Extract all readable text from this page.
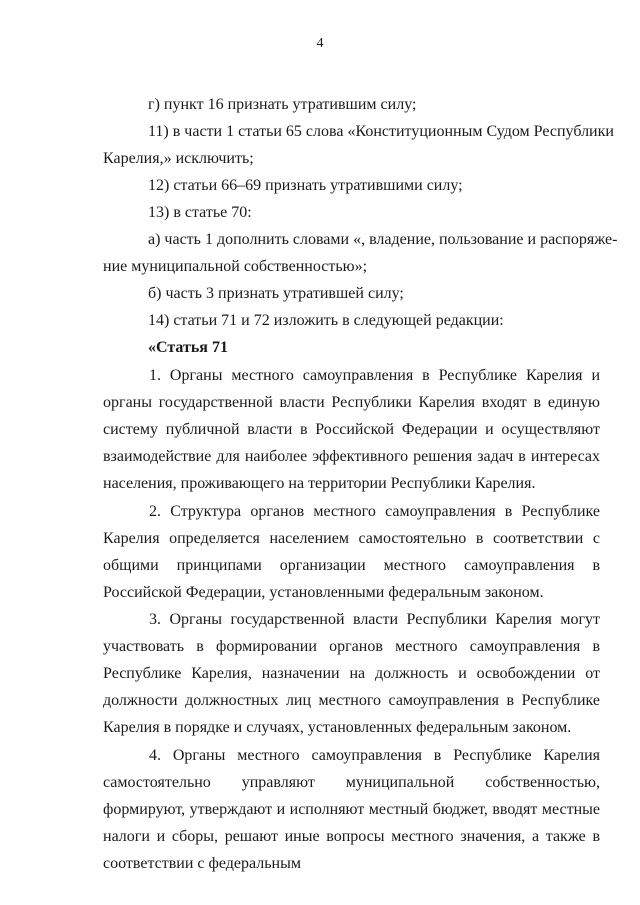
4
г) пункт 16 признать утратившим силу;
11) в части 1 статьи 65 слова «Конституционным Судом Республики
Карелия,» исключить;
12) статьи 66–69 признать утратившими силу;
13) в статье 70:
а) часть 1 дополнить словами «, владение, пользование и распоряже-
ние муниципальной собственностью»;
б) часть 3 признать утратившей силу;
14) статьи 71 и 72 изложить в следующей редакции:
«Статья 71
1. Органы местного самоуправления в Республике Карелия и органы государственной власти Республики Карелия входят в единую систему публичной власти в Российской Федерации и осуществляют взаимодействие для наиболее эффективного решения задач в интересах населения, проживающего на территории Республики Карелия.
2. Структура органов местного самоуправления в Республике Карелия определяется населением самостоятельно в соответствии с общими принципами организации местного самоуправления в Российской Федерации, установленными федеральным законом.
3. Органы государственной власти Республики Карелия могут участвовать в формировании органов местного самоуправления в Республике Карелия, назначении на должность и освобождении от должности должностных лиц местного самоуправления в Республике Карелия в порядке и случаях, установленных федеральным законом.
4. Органы местного самоуправления в Республике Карелия самостоятельно управляют муниципальной собственностью, формируют, утверждают и исполняют местный бюджет, вводят местные налоги и сборы, решают иные вопросы местного значения, а также в соответствии с федеральным
